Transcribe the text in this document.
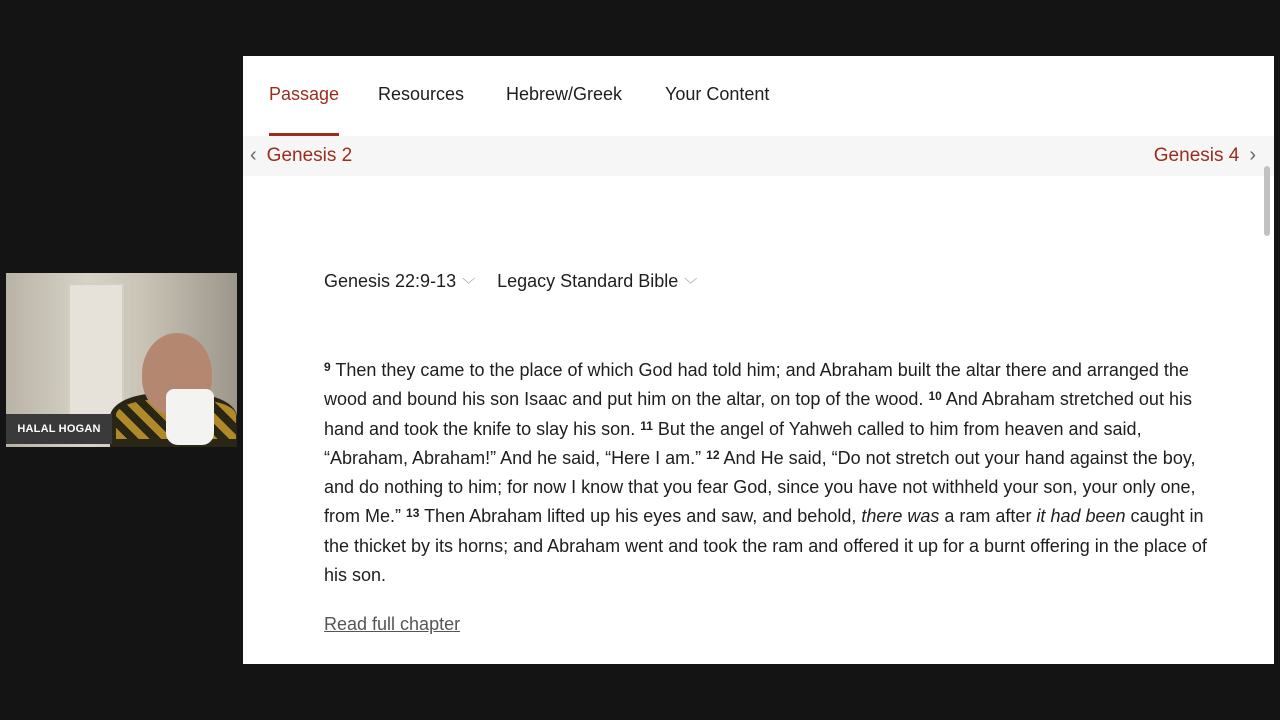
HALAL HOGAN
Passage Resources Hebrew/Greek Your Content
‹ Genesis 2	Genesis 4 ›
Genesis 22:9-13 ﹀ Legacy Standard Bible ﹀
$^9$ Then they came to the place of which God had told him; and Abraham built the altar there and arranged the wood and bound his son Isaac and put him on the altar, on top of the wood. $^{10}$ And Abraham stretched out his hand and took the knife to slay his son. $^{11}$ But the angel of Yahweh called to him from heaven and said, “Abraham, Abraham!” And he said, “Here I am.” $^{12}$ And He said, “Do not stretch out your hand against the boy, and do nothing to him; for now I know that you fear God, since you have not withheld your son, your only one, from Me.” $^{13}$ Then Abraham lifted up his eyes and saw, and behold, there was a ram after it had been caught in the thicket by its horns; and Abraham went and took the ram and offered it up for a burnt offering in the place of his son.
Read full chapter
